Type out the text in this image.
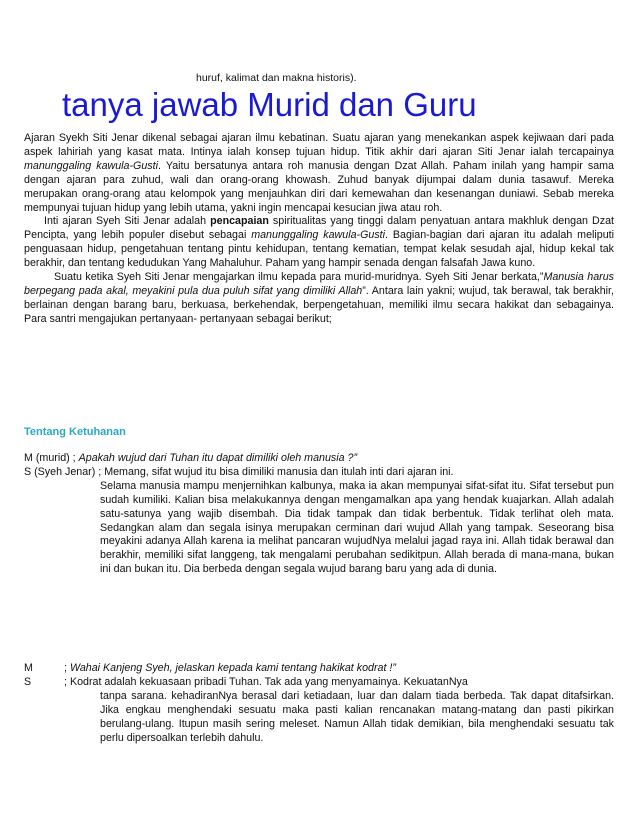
huruf, kalimat dan makna historis).
tanya jawab Murid dan Guru

Ajaran Syekh Siti Jenar dikenal sebagai ajaran ilmu kebatinan. Suatu ajaran yang menekankan aspek kejiwaan dari pada aspek lahiriah yang kasat mata. Intinya ialah konsep tujuan hidup. Titik akhir dari ajaran Siti Jenar ialah tercapainya manunggaling kawula-Gusti. Yaitu bersatunya antara roh manusia dengan Dzat Allah. Paham inilah yang hampir sama dengan ajaran para zuhud, wali dan orang-orang khowash. Zuhud banyak dijumpai dalam dunia tasawuf. Mereka merupakan orang-orang atau kelompok yang menjauhkan diri dari kemewahan dan kesenangan duniawi. Sebab mereka mempunyai tujuan hidup yang lebih utama, yakni ingin mencapai kesucian jiwa atau roh.

Inti ajaran Syeh Siti Jenar adalah pencapaian spiritualitas yang tinggi dalam penyatuan antara makhluk dengan Dzat Pencipta, yang lebih populer disebut sebagai manunggaling kawula-Gusti. Bagian-bagian dari ajaran itu adalah meliputi penguasaan hidup, pengetahuan tentang pintu kehidupan, tentang kematian, tempat kelak sesudah ajal, hidup kekal tak berakhir, dan tentang kedudukan Yang Mahaluhur. Paham yang hampir senada dengan falsafah Jawa kuno.

Suatu ketika Syeh Siti Jenar mengajarkan ilmu kepada para murid-muridnya. Syeh Siti Jenar berkata,”Manusia harus berpegang pada akal, meyakini pula dua puluh sifat yang dimiliki Allah”. Antara lain yakni; wujud, tak berawal, tak berakhir, berlainan dengan barang baru, berkuasa, berkehendak, berpengetahuan, memiliki ilmu secara hakikat dan sebagainya. Para santri mengajukan pertanyaan- pertanyaan sebagai berikut;

Tentang Ketuhanan
M (murid) ; Apakah wujud dari Tuhan itu dapat dimiliki oleh manusia ?”
S (Syeh Jenar) ; Memang, sifat wujud itu bisa dimiliki manusia dan itulah inti dari ajaran ini.
Selama manusia mampu menjernihkan kalbunya, maka ia akan mempunyai sifat-sifat itu. Sifat tersebut pun sudah kumiliki. Kalian bisa melakukannya dengan mengamalkan apa yang hendak kuajarkan. Allah adalah satu-satunya yang wajib disembah. Dia tidak tampak dan tidak berbentuk. Tidak terlihat oleh mata. Sedangkan alam dan segala isinya merupakan cerminan dari wujud Allah yang tampak. Seseorang bisa meyakini adanya Allah karena ia melihat pancaran wujudNya melalui jagad raya ini. Allah tidak berawal dan berakhir, memiliki sifat langgeng, tak mengalami perubahan sedikitpun. Allah berada di mana-mana, bukan ini dan bukan itu. Dia berbeda dengan segala wujud barang baru yang ada di dunia.
M	; Wahai Kanjeng Syeh, jelaskan kepada kami tentang hakikat kodrat !”
S	; Kodrat adalah kekuasaan pribadi Tuhan. Tak ada yang menyamainya. KekuatanNya
tanpa sarana. kehadiranNya berasal dari ketiadaan, luar dan dalam tiada berbeda. Tak dapat ditafsirkan. Jika engkau menghendaki sesuatu maka pasti kalian rencanakan matang-matang dan pasti pikirkan berulang-ulang. Itupun masih sering meleset. Namun Allah tidak demikian, bila menghendaki sesuatu tak perlu dipersoalkan terlebih dahulu.
